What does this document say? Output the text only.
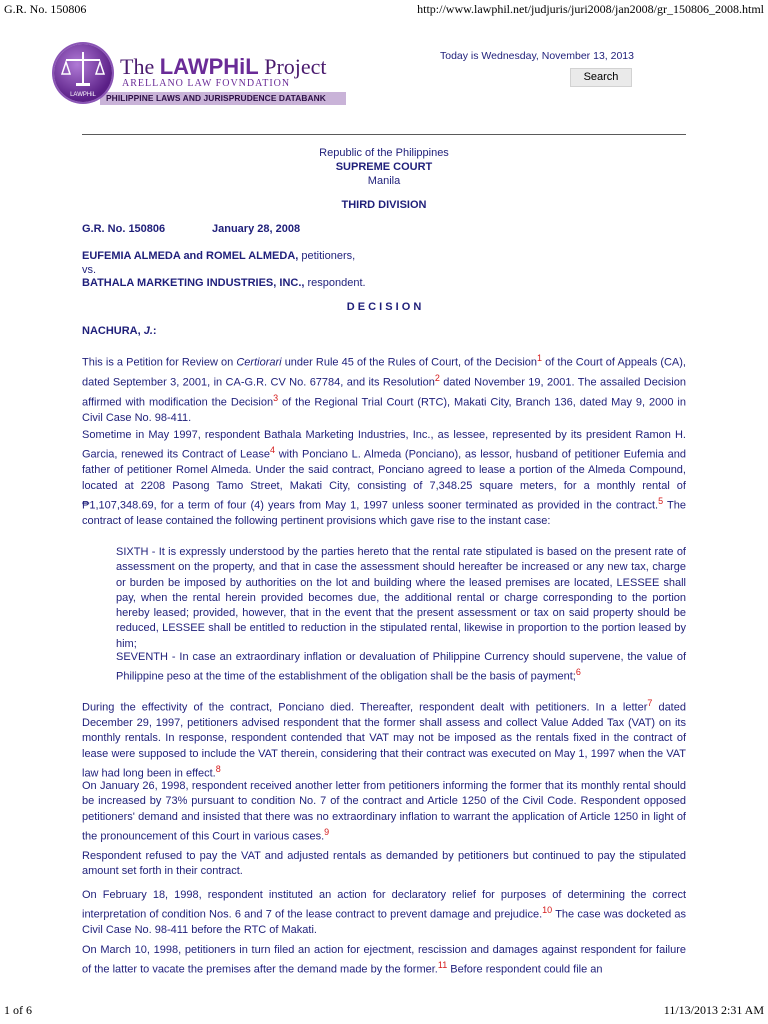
G.R. No. 150806	http://www.lawphil.net/judjuris/juri2008/jan2008/gr_150806_2008.html
PHILIPPINE LAWS AND JURISPRUDENCE DATABANK
LAWPHiL
The LAWPHiL Project
ARELLANO LAW FOVNDATION
Today is Wednesday, November 13, 2013
Search
Republic of the Philippines
SUPREME COURT
Manila
THIRD DIVISION
G.R. No. 150806	January 28, 2008
EUFEMIA ALMEDA and ROMEL ALMEDA, petitioners,
vs.
BATHALA MARKETING INDUSTRIES, INC., respondent.
D E C I S I O N
NACHURA, J.:
This is a Petition for Review on Certiorari under Rule 45 of the Rules of Court, of the Decision$^1$ of the Court of Appeals (CA), dated September 3, 2001, in CA-G.R. CV No. 67784, and its Resolution$^2$ dated November 19, 2001. The assailed Decision affirmed with modification the Decision$^3$ of the Regional Trial Court (RTC), Makati City, Branch 136, dated May 9, 2000 in Civil Case No. 98-411.
Sometime in May 1997, respondent Bathala Marketing Industries, Inc., as lessee, represented by its president Ramon H. Garcia, renewed its Contract of Lease$^4$ with Ponciano L. Almeda (Ponciano), as lessor, husband of petitioner Eufemia and father of petitioner Romel Almeda. Under the said contract, Ponciano agreed to lease a portion of the Almeda Compound, located at 2208 Pasong Tamo Street, Makati City, consisting of 7,348.25 square meters, for a monthly rental of ₱1,107,348.69, for a term of four (4) years from May 1, 1997 unless sooner terminated as provided in the contract.$^5$ The contract of lease contained the following pertinent provisions which gave rise to the instant case:
SIXTH - It is expressly understood by the parties hereto that the rental rate stipulated is based on the present rate of assessment on the property, and that in case the assessment should hereafter be increased or any new tax, charge or burden be imposed by authorities on the lot and building where the leased premises are located, LESSEE shall pay, when the rental herein provided becomes due, the additional rental or charge corresponding to the portion hereby leased; provided, however, that in the event that the present assessment or tax on said property should be reduced, LESSEE shall be entitled to reduction in the stipulated rental, likewise in proportion to the portion leased by him;
SEVENTH - In case an extraordinary inflation or devaluation of Philippine Currency should supervene, the value of Philippine peso at the time of the establishment of the obligation shall be the basis of payment;$^6$
During the effectivity of the contract, Ponciano died. Thereafter, respondent dealt with petitioners. In a letter$^7$ dated December 29, 1997, petitioners advised respondent that the former shall assess and collect Value Added Tax (VAT) on its monthly rentals. In response, respondent contended that VAT may not be imposed as the rentals fixed in the contract of lease were supposed to include the VAT therein, considering that their contract was executed on May 1, 1997 when the VAT law had long been in effect.$^8$
On January 26, 1998, respondent received another letter from petitioners informing the former that its monthly rental should be increased by 73% pursuant to condition No. 7 of the contract and Article 1250 of the Civil Code. Respondent opposed petitioners' demand and insisted that there was no extraordinary inflation to warrant the application of Article 1250 in light of the pronouncement of this Court in various cases.$^9$
Respondent refused to pay the VAT and adjusted rentals as demanded by petitioners but continued to pay the stipulated amount set forth in their contract.
On February 18, 1998, respondent instituted an action for declaratory relief for purposes of determining the correct interpretation of condition Nos. 6 and 7 of the lease contract to prevent damage and prejudice.$^{10}$ The case was docketed as Civil Case No. 98-411 before the RTC of Makati.
On March 10, 1998, petitioners in turn filed an action for ejectment, rescission and damages against respondent for failure of the latter to vacate the premises after the demand made by the former.$^{11}$ Before respondent could file an
1 of 6	11/13/2013 2:31 AM
